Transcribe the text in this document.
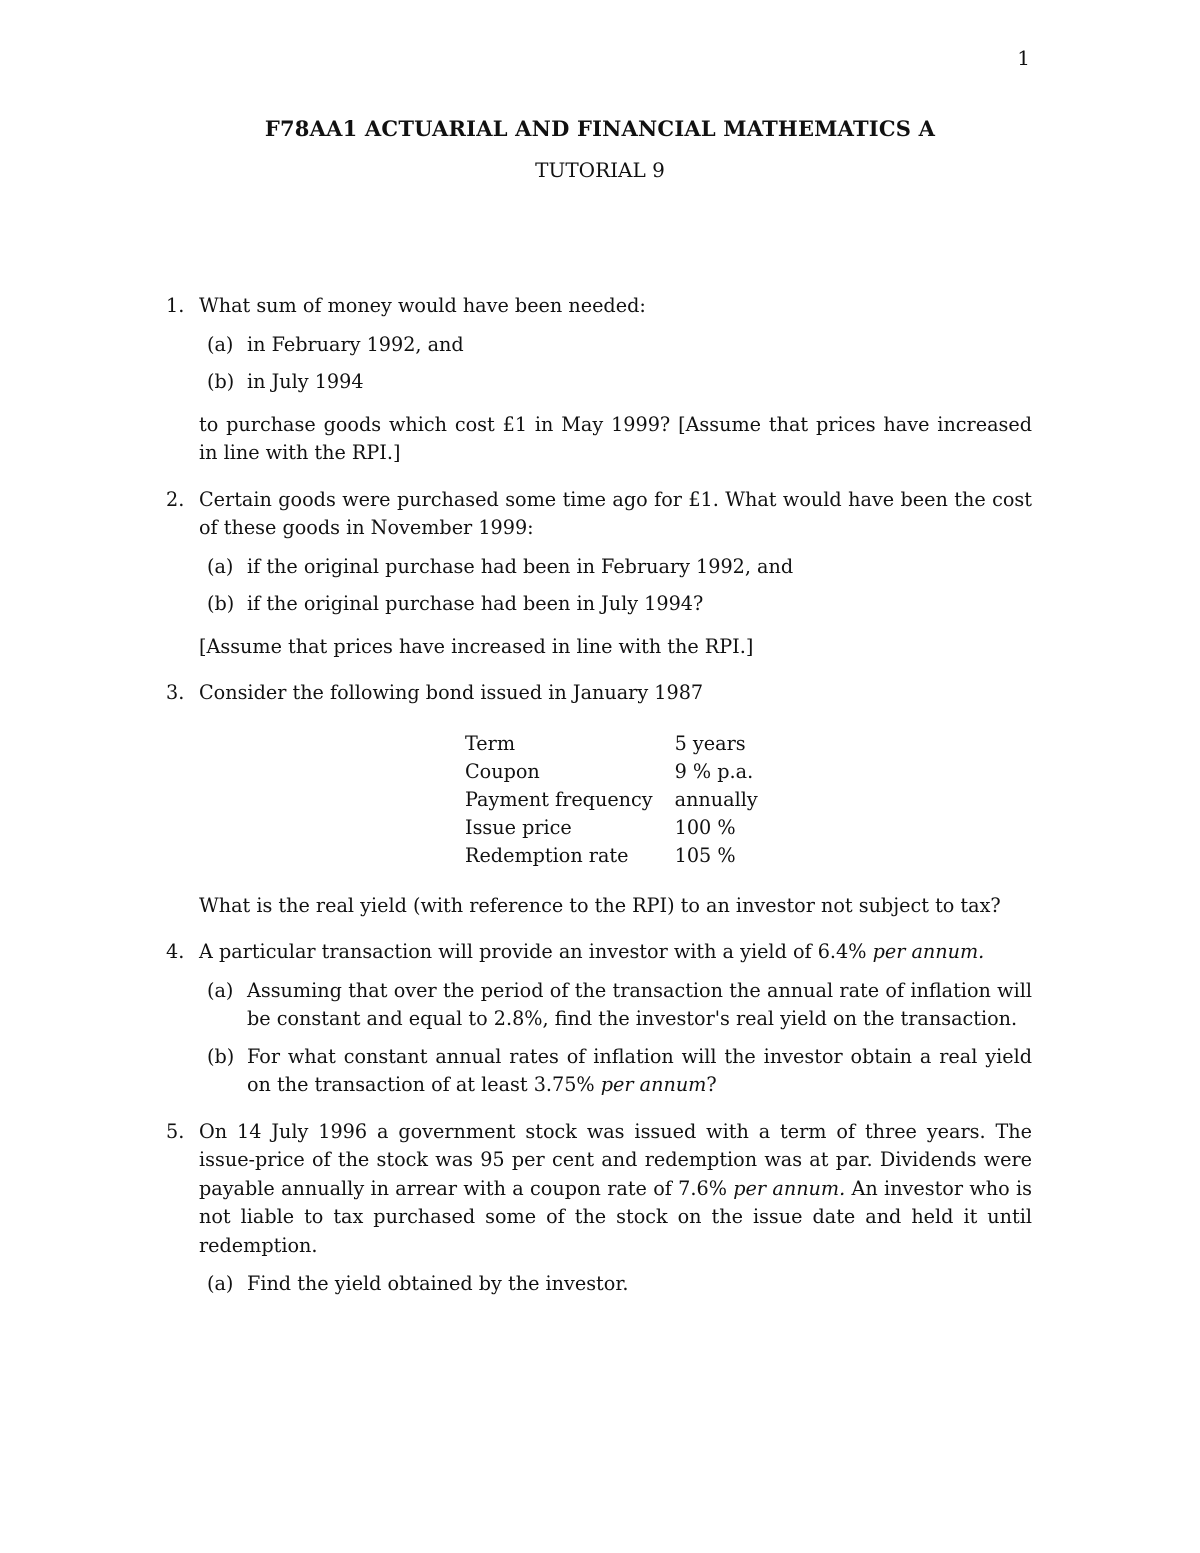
1
F78AA1 ACTUARIAL AND FINANCIAL MATHEMATICS A
TUTORIAL 9
1. What sum of money would have been needed:
(a) in February 1992, and
(b) in July 1994
to purchase goods which cost £1 in May 1999? [Assume that prices have increased in line with the RPI.]
2. Certain goods were purchased some time ago for £1. What would have been the cost of these goods in November 1999:
(a) if the original purchase had been in February 1992, and
(b) if the original purchase had been in July 1994?
[Assume that prices have increased in line with the RPI.]
3. Consider the following bond issued in January 1987
Term	5 years
Coupon	9 % p.a.
Payment frequency	annually
Issue price	100 %
Redemption rate	105 %
What is the real yield (with reference to the RPI) to an investor not subject to tax?
4. A particular transaction will provide an investor with a yield of 6.4% per annum.
(a) Assuming that over the period of the transaction the annual rate of inflation will be constant and equal to 2.8%, find the investor's real yield on the transaction.
(b) For what constant annual rates of inflation will the investor obtain a real yield on the transaction of at least 3.75% per annum?
5. On 14 July 1996 a government stock was issued with a term of three years. The issue-price of the stock was 95 per cent and redemption was at par. Dividends were payable annually in arrear with a coupon rate of 7.6% per annum. An investor who is not liable to tax purchased some of the stock on the issue date and held it until redemption.
(a) Find the yield obtained by the investor.
